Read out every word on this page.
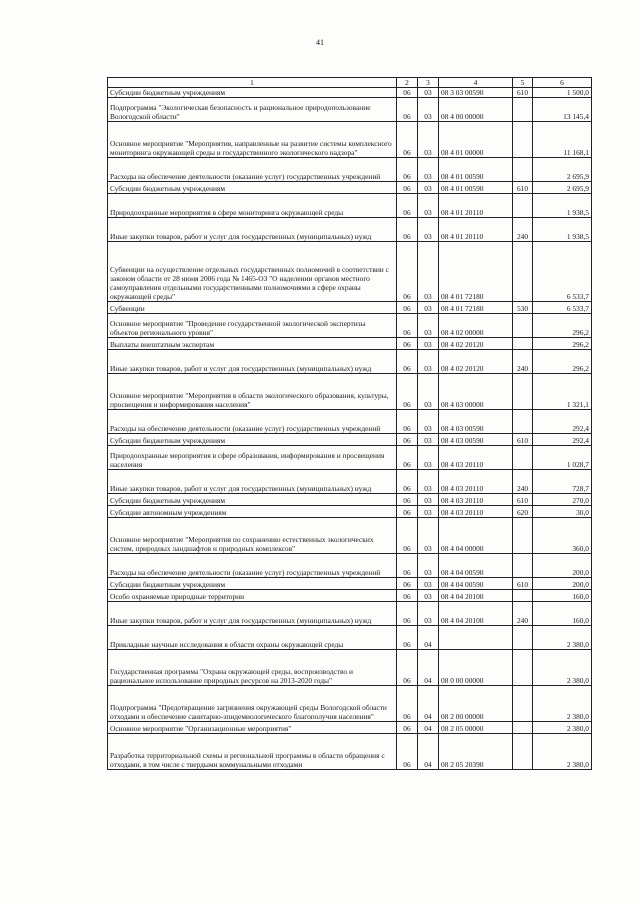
41
1	2	3	4	5	6
Субсидии бюджетным учреждениям	06	03	08 3 03 00590	610	1 500,0
Подпрограмма "Экологическая безопасность и рациональное природопользование Вологодской области"	06	03	08 4 00 00000		13 145,4
Основное мероприятие "Мероприятия, направленные на развитие системы комплексного мониторинга окружающей среды и государственного экологического надзора"	06	03	08 4 01 00000		11 168,1
Расходы на обеспечение деятельности (оказание услуг) государственных учреждений	06	03	08 4 01 00590		2 695,9
Субсидии бюджетным учреждениям	06	03	08 4 01 00590	610	2 695,9
Природоохранные мероприятия в сфере мониторинга окружающей среды	06	03	08 4 01 20110		1 938,5
Иные закупки товаров, работ и услуг для государственных (муниципальных) нужд	06	03	08 4 01 20110	240	1 938,5
Субвенции на осуществление отдельных государственных полномочий в соответствии с законом области от 28 июня 2006 года № 1465-ОЗ "О наделении органов местного самоуправления отдельными государственными полномочиями в сфере охраны окружающей среды"	06	03	08 4 01 72180		6 533,7
Субвенции	06	03	08 4 01 72180	530	6 533,7
Основное мероприятие "Проведение государственной экологической экспертизы объектов регионального уровня"	06	03	08 4 02 00000		296,2
Выплаты внештатным экспертам	06	03	08 4 02 20120		296,2
Иные закупки товаров, работ и услуг для государственных (муниципальных) нужд	06	03	08 4 02 20120	240	296,2
Основное мероприятие "Мероприятия в области экологического образования, культуры, просвещения и информирования населения"	06	03	08 4 03 00000		1 321,1
Расходы на обеспечение деятельности (оказание услуг) государственных учреждений	06	03	08 4 03 00590		292,4
Субсидии бюджетным учреждениям	06	03	08 4 03 00590	610	292,4
Природоохранные мероприятия в сфере образования, информирования и просвещения населения	06	03	08 4 03 20110		1 028,7
Иные закупки товаров, работ и услуг для государственных (муниципальных) нужд	06	03	08 4 03 20110	240	728,7
Субсидии бюджетным учреждениям	06	03	08 4 03 20110	610	270,0
Субсидии автономным учреждениям	06	03	08 4 03 20110	620	30,0
Основное мероприятие "Мероприятия по сохранению естественных экологических систем, природных ландшафтов и природных комплексов"	06	03	08 4 04 00000		360,0
Расходы на обеспечение деятельности (оказание услуг) государственных учреждений	06	03	08 4 04 00590		200,0
Субсидии бюджетным учреждениям	06	03	08 4 04 00590	610	200,0
Особо охраняемые природные территории	06	03	08 4 04 20100		160,0
Иные закупки товаров, работ и услуг для государственных (муниципальных) нужд	06	03	08 4 04 20100	240	160,0
Прикладные научные исследования в области охраны окружающей среды	06	04			2 380,0
Государственная программа "Охрана окружающей среды, воспроизводство и рациональное использование природных ресурсов на 2013-2020 годы"	06	04	08 0 00 00000		2 380,0
Подпрограмма "Предотвращение загрязнения окружающей среды Вологодской области отходами и обеспечение санитарно-эпидемиологического благополучия населения"	06	04	08 2 00 00000		2 380,0
Основное мероприятие "Организационные мероприятия"	06	04	08 2 05 00000		2 380,0
Разработка территориальной схемы и региональной программы в области обращения с отходами, в том числе с твердыми коммунальными отходами	06	04	08 2 05 20390		2 380,0
